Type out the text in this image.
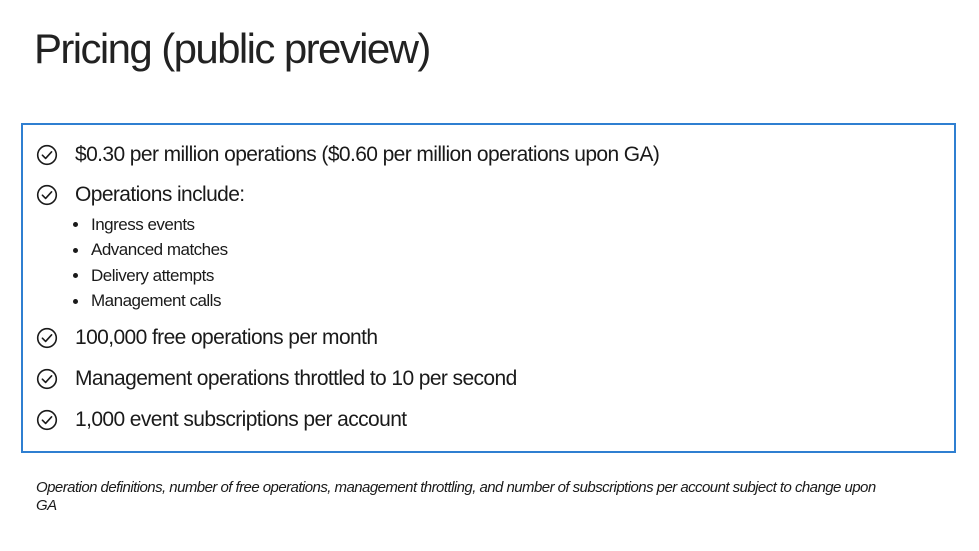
Pricing (public preview)
$0.30 per million operations ($0.60 per million operations upon GA)
Operations include:
Ingress events
Advanced matches
Delivery attempts
Management calls
100,000 free operations per month
Management operations throttled to 10 per second
1,000 event subscriptions per account
Operation definitions, number of free operations, management throttling, and number of subscriptions per account subject to change upon GA
